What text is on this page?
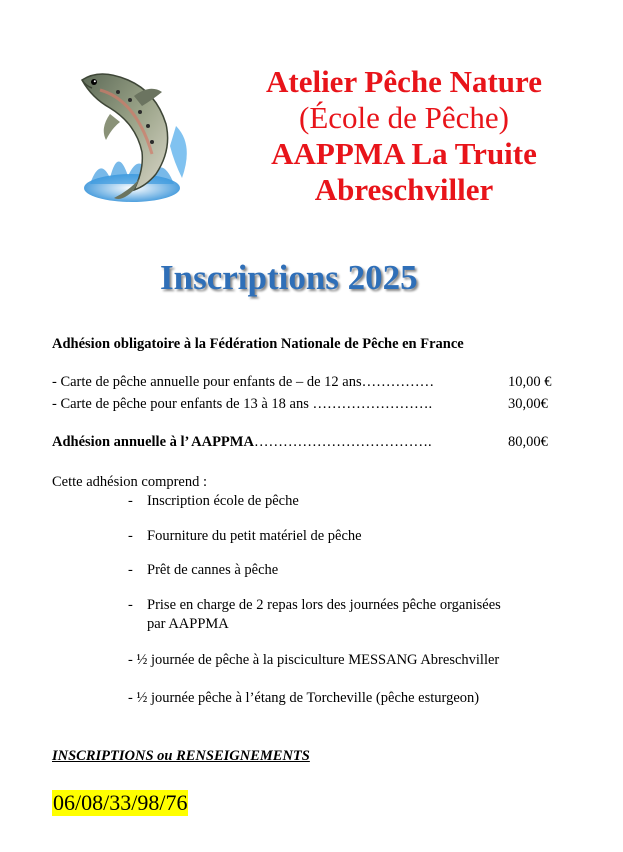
Atelier Pêche Nature
(École de Pêche)
AAPPMA La Truite
Abreschviller
Inscriptions 2025
Adhésion obligatoire à la Fédération Nationale de Pêche en France
- Carte de pêche annuelle pour enfants de – de 12 ans……………	10,00 €
- Carte de pêche pour enfants de 13 à 18 ans …………………….	30,00€
Adhésion annuelle à l’ AAPPMA……………………………….	80,00€
Cette adhésion comprend :
- Inscription école de pêche
- Fourniture du petit matériel de pêche
- Prêt de cannes à pêche
- Prise en charge de 2 repas lors des journées pêche organisées
par AAPPMA
- ½ journée de pêche à la pisciculture MESSANG Abreschviller
- ½ journée pêche à l’étang de Torcheville (pêche esturgeon)
INSCRIPTIONS ou RENSEIGNEMENTS
06/08/33/98/76
